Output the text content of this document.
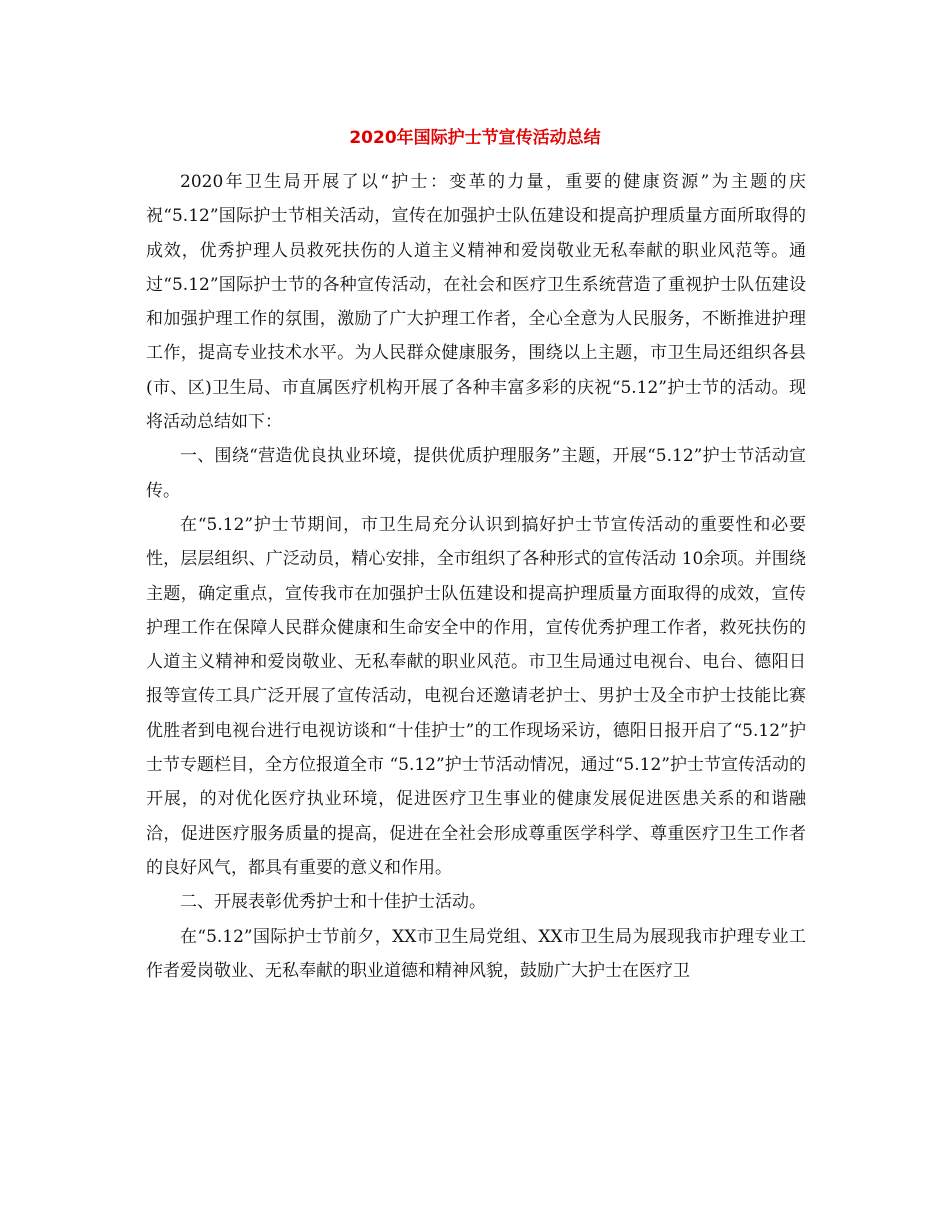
2020年国际护士节宣传活动总结

2020年卫生局开展了以“护士：变革的力量，重要的健康资源”为主题的庆祝“5.12”国际护士节相关活动，宣传在加强护士队伍建设和提高护理质量方面所取得的成效，优秀护理人员救死扶伤的人道主义精神和爱岗敬业无私奉献的职业风范等。通过“5.12”国际护士节的各种宣传活动，在社会和医疗卫生系统营造了重视护士队伍建设和加强护理工作的氛围，激励了广大护理工作者，全心全意为人民服务，不断推进护理工作，提高专业技术水平。为人民群众健康服务，围绕以上主题，市卫生局还组织各县(市、区)卫生局、市直属医疗机构开展了各种丰富多彩的庆祝“5.12”护士节的活动。现将活动总结如下：

一、围绕“营造优良执业环境，提供优质护理服务”主题，开展“5.12”护士节活动宣传。

在“5.12”护士节期间，市卫生局充分认识到搞好护士节宣传活动的重要性和必要性，层层组织、广泛动员，精心安排，全市组织了各种形式的宣传活动 10余项。并围绕主题，确定重点，宣传我市在加强护士队伍建设和提高护理质量方面取得的成效，宣传护理工作在保障人民群众健康和生命安全中的作用，宣传优秀护理工作者，救死扶伤的人道主义精神和爱岗敬业、无私奉献的职业风范。市卫生局通过电视台、电台、德阳日报等宣传工具广泛开展了宣传活动，电视台还邀请老护士、男护士及全市护士技能比赛优胜者到电视台进行电视访谈和“十佳护士”的工作现场采访，德阳日报开启了“5.12”护士节专题栏目，全方位报道全市 “5.12”护士节活动情况，通过“5.12”护士节宣传活动的开展，的对优化医疗执业环境，促进医疗卫生事业的健康发展促进医患关系的和谐融洽，促进医疗服务质量的提高，促进在全社会形成尊重医学科学、尊重医疗卫生工作者的良好风气，都具有重要的意义和作用。

二、开展表彰优秀护士和十佳护士活动。

在“5.12”国际护士节前夕，XX市卫生局党组、XX市卫生局为展现我市护理专业工作者爱岗敬业、无私奉献的职业道德和精神风貌，鼓励广大护士在医疗卫
